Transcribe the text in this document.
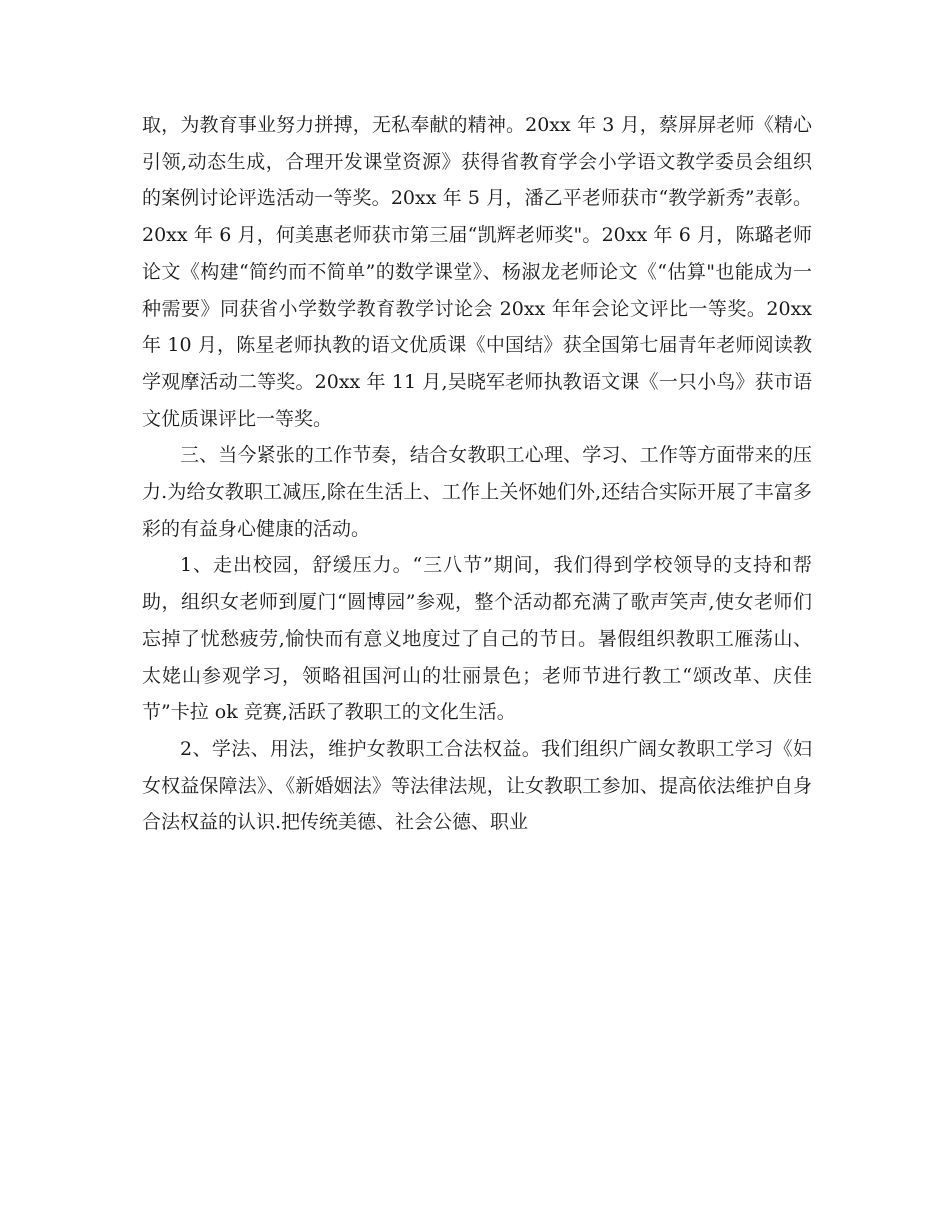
取，为教育事业努力拼搏，无私奉献的精神。20xx 年 3 月，蔡屏屏老师《精心引领,动态生成，合理开发课堂资源》获得省教育学会小学语文教学委员会组织的案例讨论评选活动一等奖。20xx 年 5 月，潘乙平老师获市“教学新秀”表彰。20xx 年 6 月，何美惠老师获市第三届“凯辉老师奖"。20xx 年 6 月，陈璐老师论文《构建“简约而不简单”的数学课堂》、杨淑龙老师论文《“估算"也能成为一种需要》同获省小学数学教育教学讨论会 20xx 年年会论文评比一等奖。20xx 年 10 月，陈星老师执教的语文优质课《中国结》获全国第七届青年老师阅读教学观摩活动二等奖。20xx 年 11 月,吴晓军老师执教语文课《一只小鸟》获市语文优质课评比一等奖。

三、当今紧张的工作节奏，结合女教职工心理、学习、工作等方面带来的压力.为给女教职工减压,除在生活上、工作上关怀她们外,还结合实际开展了丰富多彩的有益身心健康的活动。

1、走出校园，舒缓压力。“三八节”期间，我们得到学校领导的支持和帮助，组织女老师到厦门“圆博园”参观，整个活动都充满了歌声笑声,使女老师们忘掉了忧愁疲劳,愉快而有意义地度过了自己的节日。暑假组织教职工雁荡山、太姥山参观学习，领略祖国河山的壮丽景色；老师节进行教工“颂改革、庆佳节”卡拉 ok 竞赛,活跃了教职工的文化生活。

2、学法、用法，维护女教职工合法权益。我们组织广阔女教职工学习《妇女权益保障法》、《新婚姻法》等法律法规，让女教职工参加、提高依法维护自身合法权益的认识.把传统美德、社会公德、职业
